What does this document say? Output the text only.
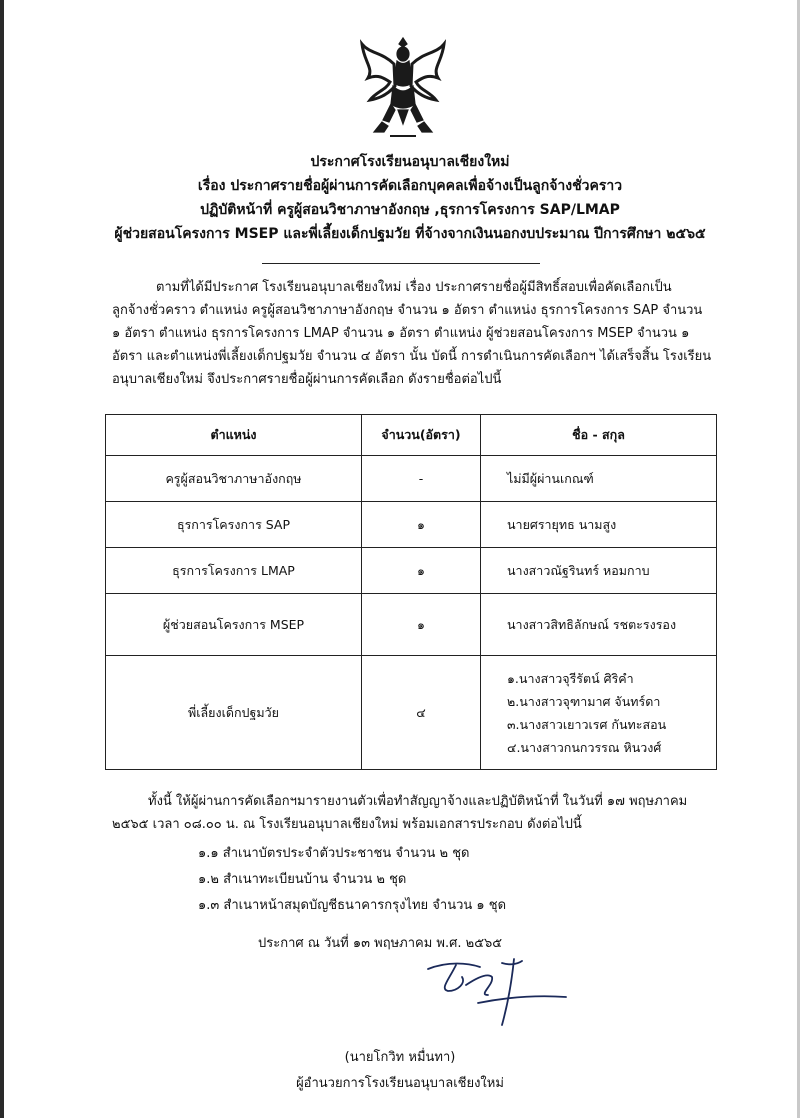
ประกาศโรงเรียนอนุบาลเชียงใหม่
เรื่อง ประกาศรายชื่อผู้ผ่านการคัดเลือกบุคคลเพื่อจ้างเป็นลูกจ้างชั่วคราว
ปฏิบัติหน้าที่ ครูผู้สอนวิชาภาษาอังกฤษ ,ธุรการโครงการ SAP/LMAP
ผู้ช่วยสอนโครงการ MSEP และพี่เลี้ยงเด็กปฐมวัย ที่จ้างจากเงินนอกงบประมาณ ปีการศึกษา ๒๕๖๕
ตามที่ได้มีประกาศ โรงเรียนอนุบาลเชียงใหม่ เรื่อง ประกาศรายชื่อผู้มีสิทธิ์สอบเพื่อคัดเลือกเป็น
ลูกจ้างชั่วคราว ตำแหน่ง ครูผู้สอนวิชาภาษาอังกฤษ จำนวน ๑ อัตรา ตำแหน่ง ธุรการโครงการ SAP จำนวน
๑ อัตรา ตำแหน่ง ธุรการโครงการ LMAP จำนวน ๑ อัตรา ตำแหน่ง ผู้ช่วยสอนโครงการ MSEP จำนวน ๑
อัตรา และตำแหน่งพี่เลี้ยงเด็กปฐมวัย จำนวน ๔ อัตรา นั้น บัดนี้ การดำเนินการคัดเลือกฯ ได้เสร็จสิ้น โรงเรียน
อนุบาลเชียงใหม่ จึงประกาศรายชื่อผู้ผ่านการคัดเลือก ดังรายชื่อต่อไปนี้
ตำแหน่ง	จำนวน(อัตรา)	ชื่อ - สกุล
ครูผู้สอนวิชาภาษาอังกฤษ	-	ไม่มีผู้ผ่านเกณฑ์
ธุรการโครงการ SAP	๑	นายศรายุทธ นามสูง
ธุรการโครงการ LMAP	๑	นางสาวณัฐรินทร์ หอมกาบ
ผู้ช่วยสอนโครงการ MSEP	๑	นางสาวสิทธิลักษณ์ รชตะรงรอง
พี่เลี้ยงเด็กปฐมวัย	๔	๑.นางสาวจุรีรัตน์ ศิริคำ
๒.นางสาวจุฑามาศ จันทร์ดา
๓.นางสาวเยาวเรศ กันทะสอน
๔.นางสาวกนกวรรณ หินวงศ์
ทั้งนี้ ให้ผู้ผ่านการคัดเลือกฯมารายงานตัวเพื่อทำสัญญาจ้างและปฏิบัติหน้าที่ ในวันที่ ๑๗ พฤษภาคม
๒๕๖๕ เวลา ๐๘.๐๐ น. ณ โรงเรียนอนุบาลเชียงใหม่ พร้อมเอกสารประกอบ ดังต่อไปนี้
๑.๑ สำเนาบัตรประจำตัวประชาชน จำนวน ๒ ชุด
๑.๒ สำเนาทะเบียนบ้าน จำนวน ๒ ชุด
๑.๓ สำเนาหน้าสมุดบัญชีธนาคารกรุงไทย จำนวน ๑ ชุด
ประกาศ ณ วันที่ ๑๓ พฤษภาคม พ.ศ. ๒๕๖๕
(นายโกวิท หมื่นทา)
ผู้อำนวยการโรงเรียนอนุบาลเชียงใหม่
